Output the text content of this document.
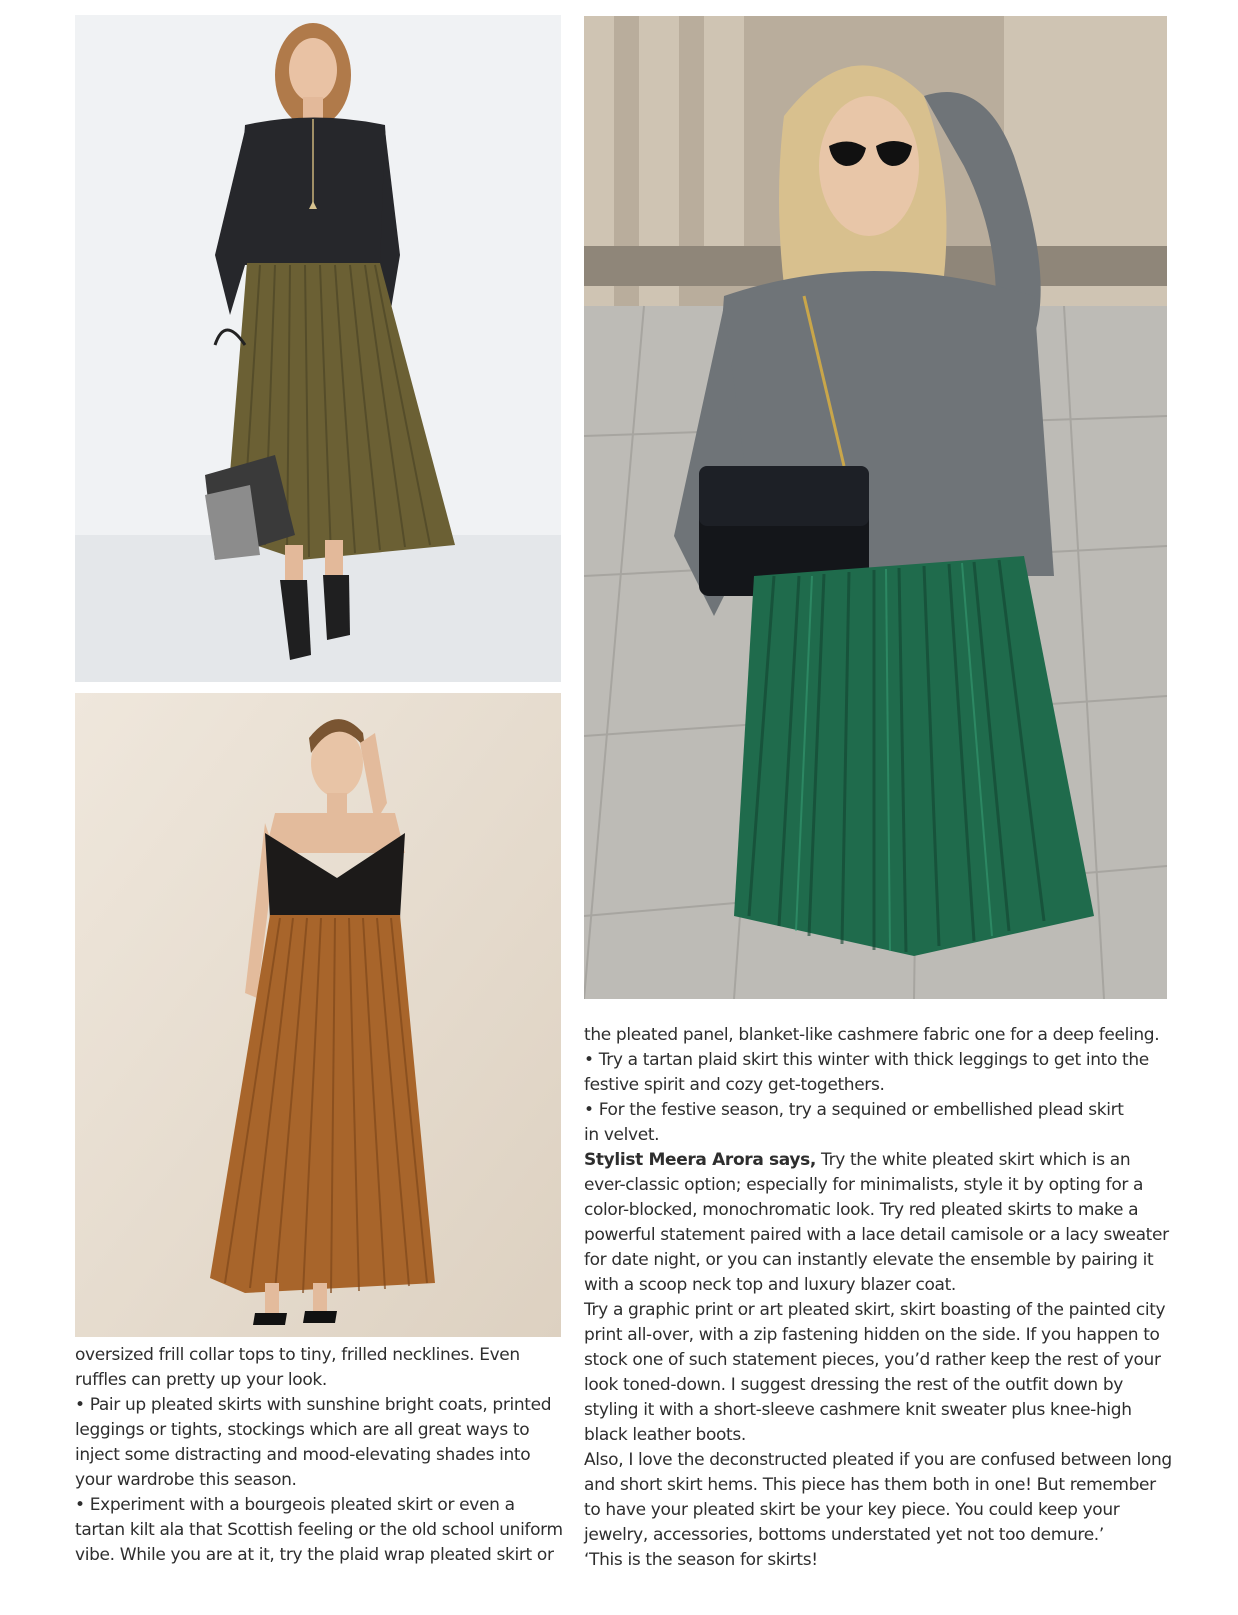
oversized frill collar tops to tiny, frilled necklines. Even
ruffles can pretty up your look.

• Pair up pleated skirts with sunshine bright coats, printed
leggings or tights, stockings which are all great ways to
inject some distracting and mood-elevating shades into
your wardrobe this season.

• Experiment with a bourgeois pleated skirt or even a
tartan kilt ala that Scottish feeling or the old school uniform
vibe. While you are at it, try the plaid wrap pleated skirt or

the pleated panel, blanket-like cashmere fabric one for a deep feeling.
• Try a tartan plaid skirt this winter with thick leggings to get into the
festive spirit and cozy get-togethers.
• For the festive season, try a sequined or embellished plead skirt
in velvet.

Stylist Meera Arora says, Try the white pleated skirt which is an
ever-classic option; especially for minimalists, style it by opting for a
color-blocked, monochromatic look. Try red pleated skirts to make a
powerful statement paired with a lace detail camisole or a lacy sweater
for date night, or you can instantly elevate the ensemble by pairing it
with a scoop neck top and luxury blazer coat.
Try a graphic print or art pleated skirt, skirt boasting of the painted city
print all-over, with a zip fastening hidden on the side. If you happen to
stock one of such statement pieces, you’d rather keep the rest of your
look toned-down. I suggest dressing the rest of the outfit down by
styling it with a short-sleeve cashmere knit sweater plus knee-high
black leather boots.
Also, I love the deconstructed pleated if you are confused between long
and short skirt hems. This piece has them both in one! But remember
to have your pleated skirt be your key piece. You could keep your
jewelry, accessories, bottoms understated yet not too demure.’
‘This is the season for skirts!
